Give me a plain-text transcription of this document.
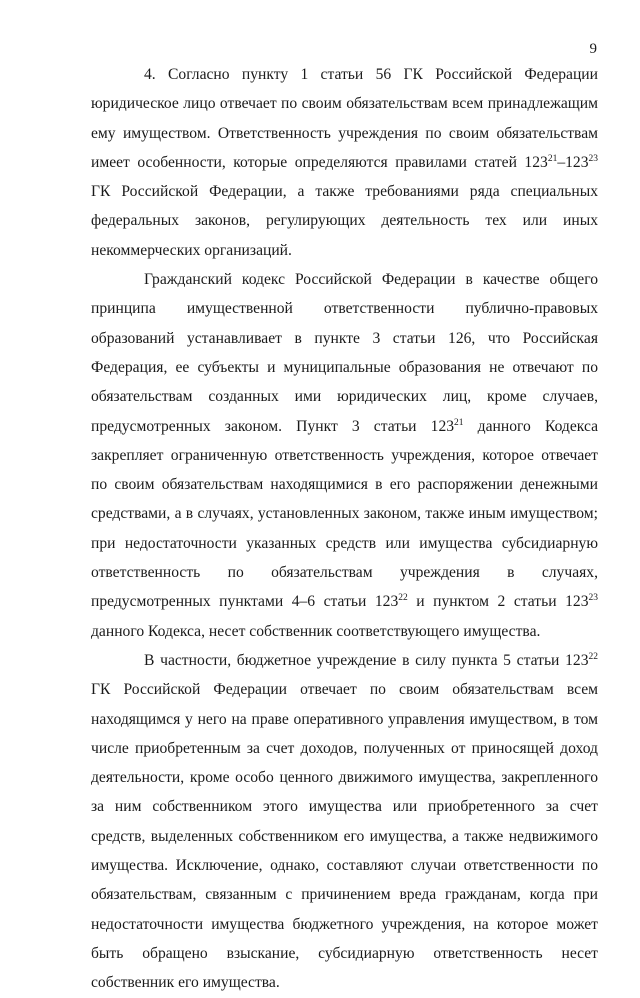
9

4. Согласно пункту 1 статьи 56 ГК Российской Федерации юридическое лицо отвечает по своим обязательствам всем принадлежащим ему имуществом. Ответственность учреждения по своим обязательствам имеет особенности, которые определяются правилами статей $123^{21}-123^{23}$ ГК Российской Федерации, а также требованиями ряда специальных федеральных законов, регулирующих деятельность тех или иных некоммерческих организаций.

Гражданский кодекс Российской Федерации в качестве общего принципа имущественной ответственности публично-правовых образований устанавливает в пункте 3 статьи 126, что Российская Федерация, ее субъекты и муниципальные образования не отвечают по обязательствам созданных ими юридических лиц, кроме случаев, предусмотренных законом. Пункт 3 статьи $123^{21}$ данного Кодекса закрепляет ограниченную ответственность учреждения, которое отвечает по своим обязательствам находящимися в его распоряжении денежными средствами, а в случаях, установленных законом, также иным имуществом; при недостаточности указанных средств или имущества субсидиарную ответственность по обязательствам учреждения в случаях, предусмотренных пунктами 4–6 статьи $123^{22}$ и пунктом 2 статьи $123^{23}$ данного Кодекса, несет собственник соответствующего имущества.

В частности, бюджетное учреждение в силу пункта 5 статьи $123^{22}$ ГК Российской Федерации отвечает по своим обязательствам всем находящимся у него на праве оперативного управления имуществом, в том числе приобретенным за счет доходов, полученных от приносящей доход деятельности, кроме особо ценного движимого имущества, закрепленного за ним собственником этого имущества или приобретенного за счет средств, выделенных собственником его имущества, а также недвижимого имущества. Исключение, однако, составляют случаи ответственности по обязательствам, связанным с причинением вреда гражданам, когда при недостаточности имущества бюджетного учреждения, на которое может быть обращено взыскание, субсидиарную ответственность несет собственник его имущества.
